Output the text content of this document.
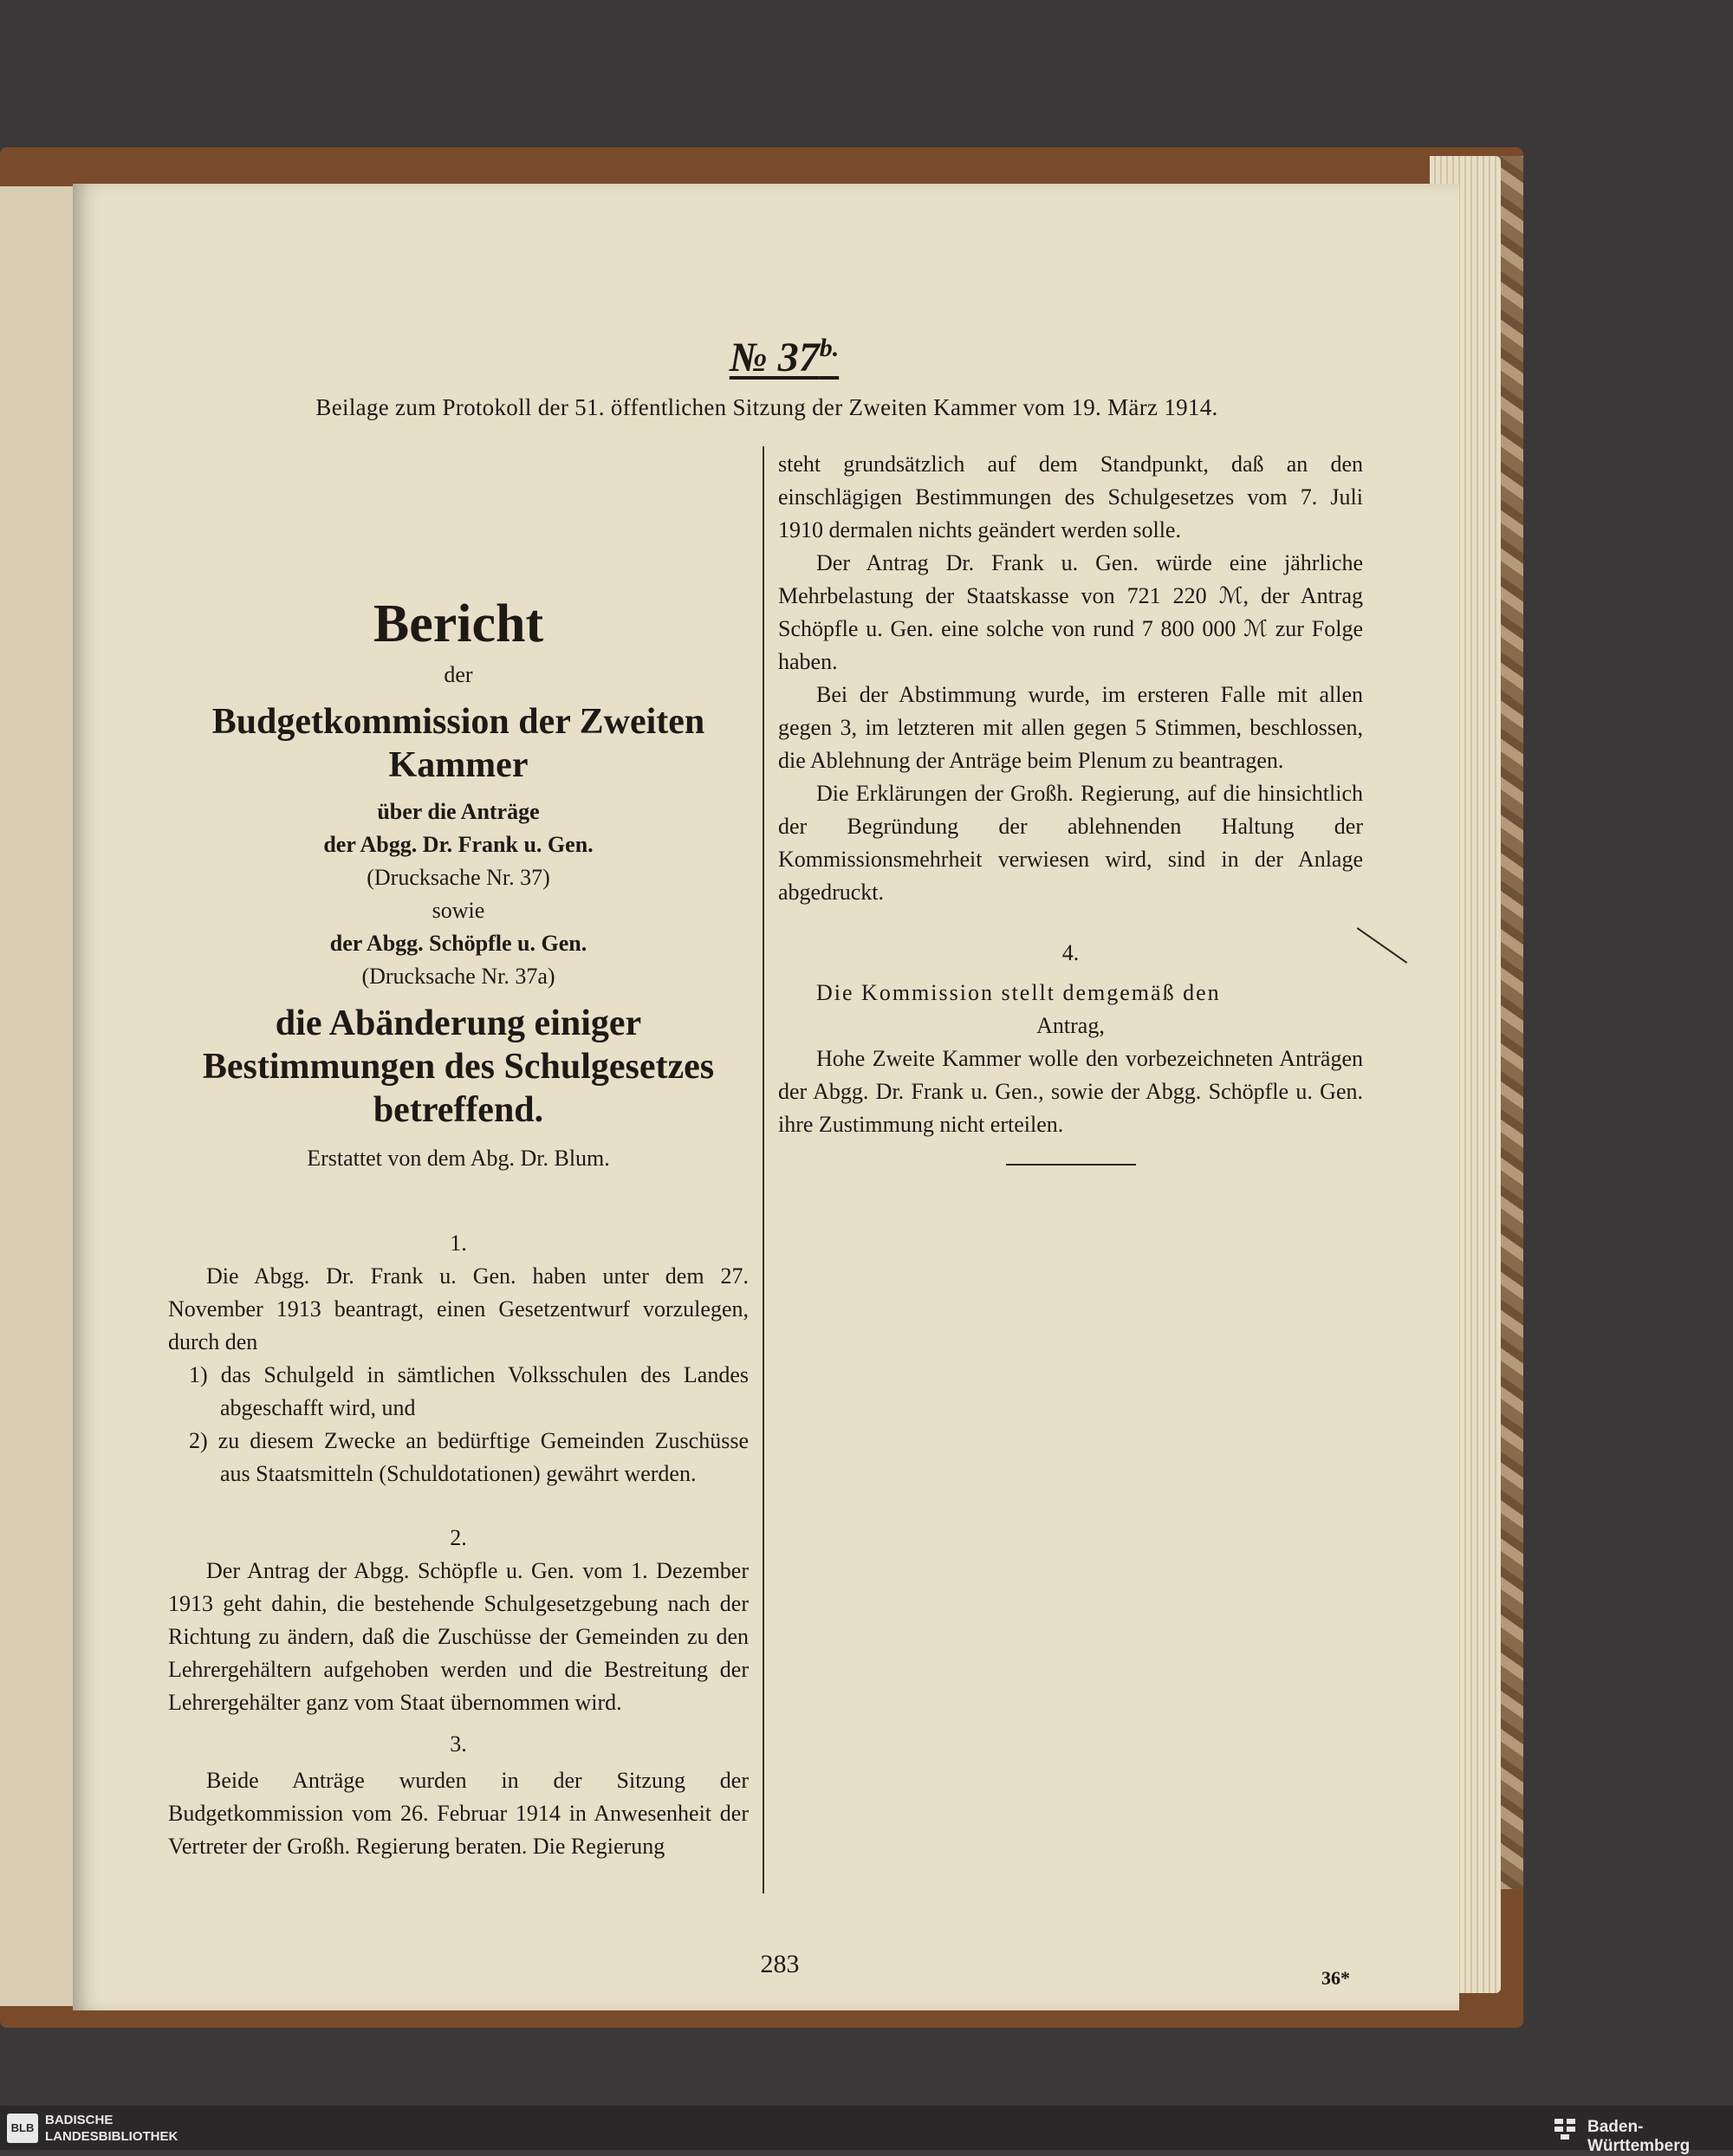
№ $37^{b.}$
Beilage zum Protokoll der 51. öffentlichen Sitzung der Zweiten Kammer vom 19. März 1914.

Bericht

der

Budgetkommission der Zweiten Kammer

über die Anträge

der Abgg. Dr. Frank u. Gen.

(Drucksache Nr. 37)

sowie

der Abgg. Schöpfle u. Gen.

(Drucksache Nr. 37a)

die Abänderung einiger Bestimmungen des Schulgesetzes betreffend.

Erstattet von dem Abg. Dr. Blum.

1.

Die Abgg. Dr. Frank u. Gen. haben unter dem 27. November 1913 beantragt, einen Gesetzentwurf vorzulegen, durch den

1) das Schulgeld in sämtlichen Volksschulen des Landes abgeschafft wird, und

2) zu diesem Zwecke an bedürftige Gemeinden Zuschüsse aus Staatsmitteln (Schuldotationen) gewährt werden.

2.

Der Antrag der Abgg. Schöpfle u. Gen. vom 1. Dezember 1913 geht dahin, die bestehende Schulgesetzgebung nach der Richtung zu ändern, daß die Zuschüsse der Gemeinden zu den Lehrergehältern aufgehoben werden und die Bestreitung der Lehrergehälter ganz vom Staat übernommen wird.

3.

Beide Anträge wurden in der Sitzung der Budgetkommission vom 26. Februar 1914 in Anwesenheit der Vertreter der Großh. Regierung beraten. Die Regierung

steht grundsätzlich auf dem Standpunkt, daß an den einschlägigen Bestimmungen des Schulgesetzes vom 7. Juli 1910 dermalen nichts geändert werden solle.

Der Antrag Dr. Frank u. Gen. würde eine jährliche Mehrbelastung der Staatskasse von 721 220 ℳ, der Antrag Schöpfle u. Gen. eine solche von rund 7 800 000 ℳ zur Folge haben.

Bei der Abstimmung wurde, im ersteren Falle mit allen gegen 3, im letzteren mit allen gegen 5 Stimmen, beschlossen, die Ablehnung der Anträge beim Plenum zu beantragen.

Die Erklärungen der Großh. Regierung, auf die hinsichtlich der Begründung der ablehnenden Haltung der Kommissionsmehrheit verwiesen wird, sind in der Anlage abgedruckt.

4.

Die Kommission stellt demgemäß den

Antrag,

Hohe Zweite Kammer wolle den vorbezeichneten Anträgen der Abgg. Dr. Frank u. Gen., sowie der Abgg. Schöpfle u. Gen. ihre Zustimmung nicht erteilen.

283	36*
BLB
BADISCHE
LANDESBIBLIOTHEK
Baden-Württemberg
